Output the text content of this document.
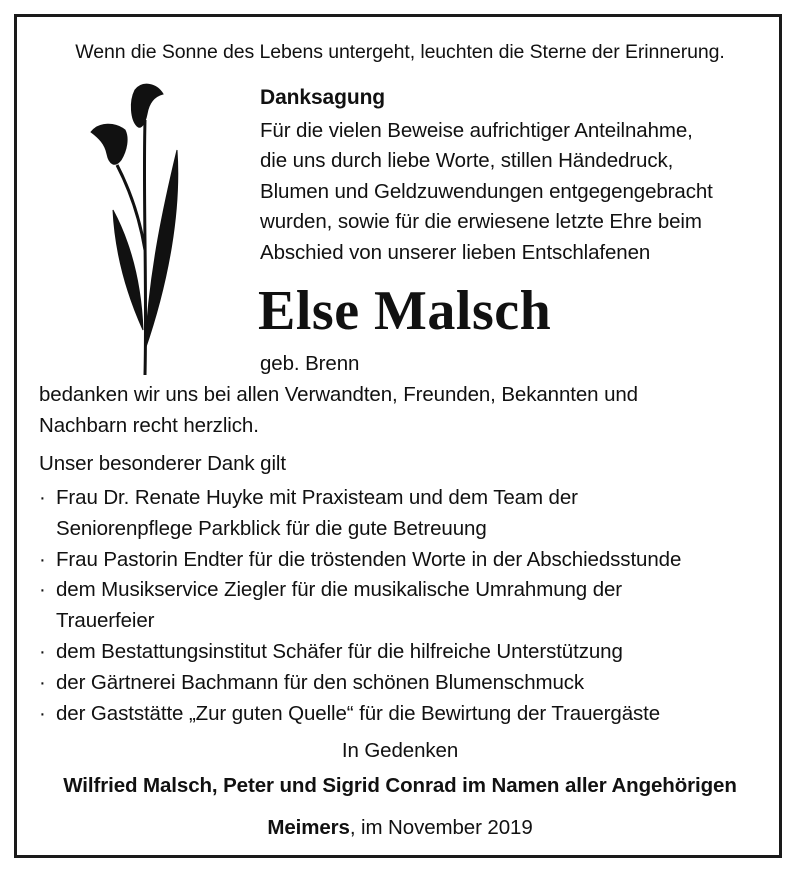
Wenn die Sonne des Lebens untergeht, leuchten die Sterne der Erinnerung.
Danksagung
Für die vielen Beweise aufrichtiger Anteilnahme,
die uns durch liebe Worte, stillen Händedruck,
Blumen und Geldzuwendungen entgegengebracht
wurden, sowie für die erwiesene letzte Ehre beim
Abschied von unserer lieben Entschlafenen
Else Malsch
geb. Brenn
bedanken wir uns bei allen Verwandten, Freunden, Bekannten und
Nachbarn recht herzlich.
Unser besonderer Dank gilt
· Frau Dr. Renate Huyke mit Praxisteam und dem Team der
Seniorenpflege Parkblick für die gute Betreuung
· Frau Pastorin Endter für die tröstenden Worte in der Abschiedsstunde
· dem Musikservice Ziegler für die musikalische Umrahmung der
Trauerfeier
· dem Bestattungsinstitut Schäfer für die hilfreiche Unterstützung
· der Gärtnerei Bachmann für den schönen Blumenschmuck
· der Gaststätte „Zur guten Quelle“ für die Bewirtung der Trauergäste
In Gedenken
Wilfried Malsch, Peter und Sigrid Conrad im Namen aller Angehörigen
Meimers, im November 2019
